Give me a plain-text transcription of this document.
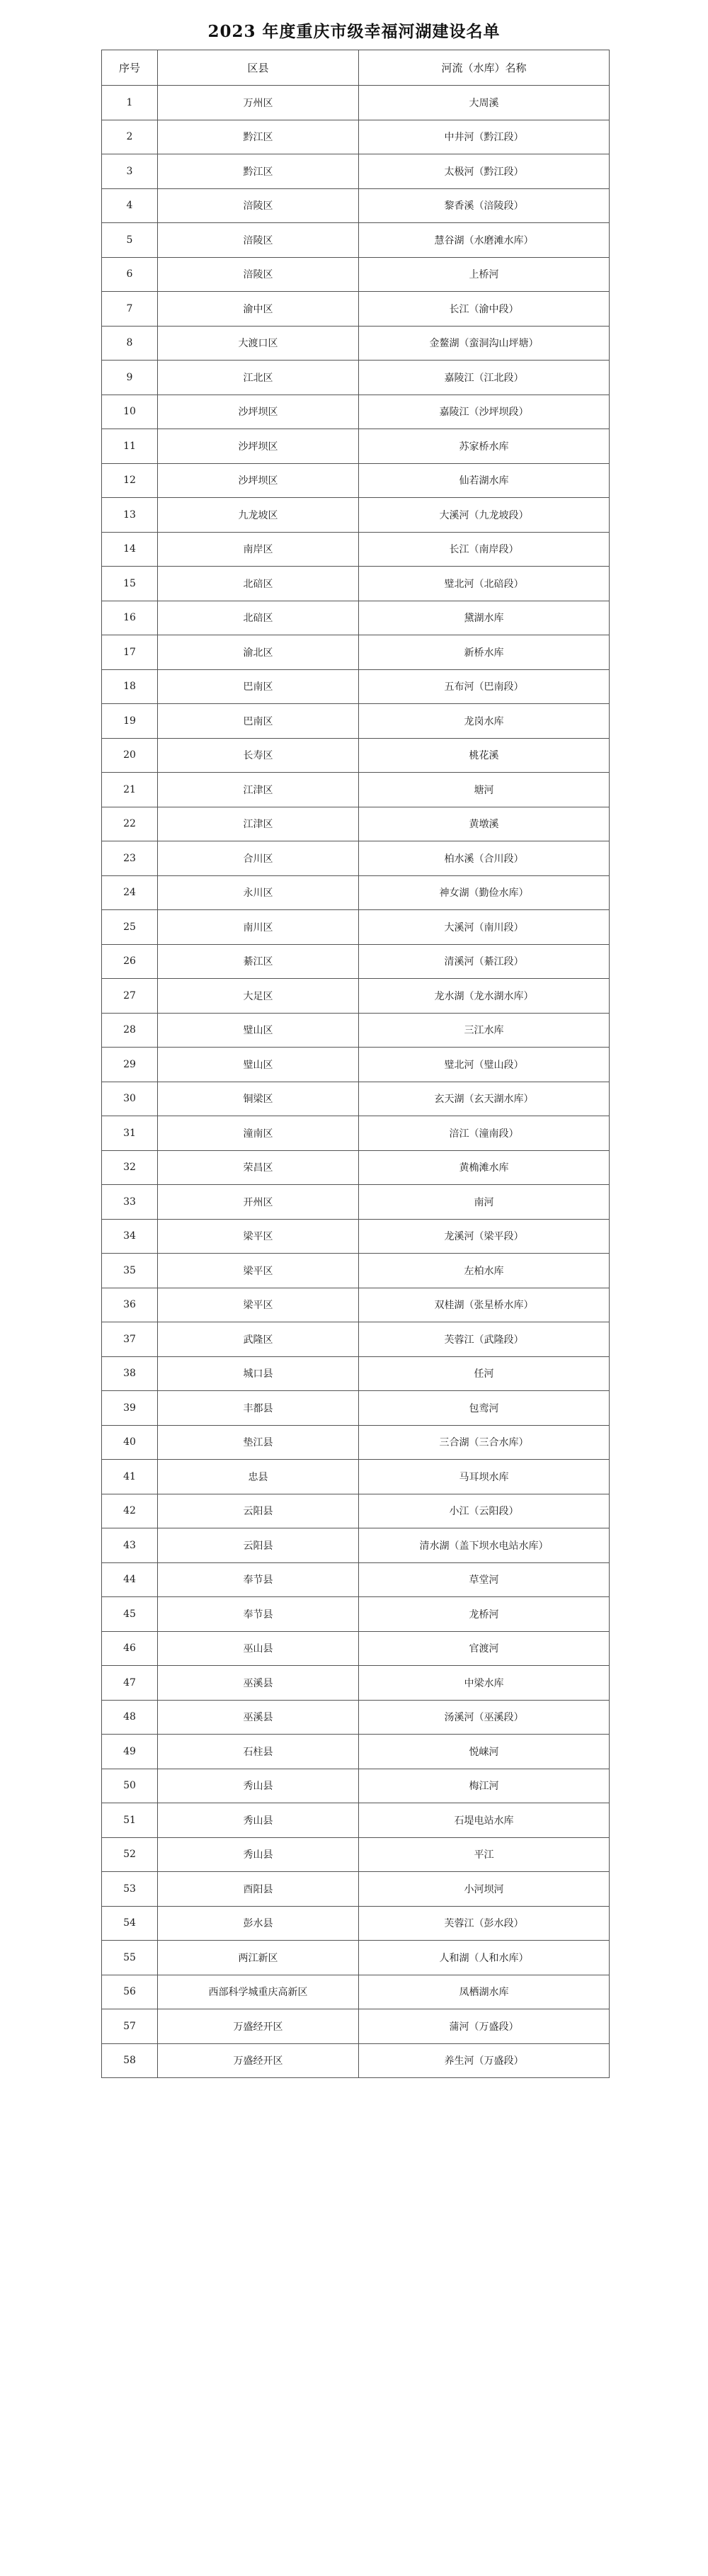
2023 年度重庆市级幸福河湖建设名单
序号	区县	河流（水库）名称
1	万州区	大周溪
2	黔江区	中井河（黔江段）
3	黔江区	太极河（黔江段）
4	涪陵区	黎香溪（涪陵段）
5	涪陵区	慧谷湖（水磨滩水库）
6	涪陵区	上桥河
7	渝中区	长江（渝中段）
8	大渡口区	金鳌湖（蛮洞沟山坪塘）
9	江北区	嘉陵江（江北段）
10	沙坪坝区	嘉陵江（沙坪坝段）
11	沙坪坝区	苏家桥水库
12	沙坪坝区	仙若湖水库
13	九龙坡区	大溪河（九龙坡段）
14	南岸区	长江（南岸段）
15	北碚区	璧北河（北碚段）
16	北碚区	黛湖水库
17	渝北区	新桥水库
18	巴南区	五布河（巴南段）
19	巴南区	龙岗水库
20	长寿区	桃花溪
21	江津区	塘河
22	江津区	黄墩溪
23	合川区	柏水溪（合川段）
24	永川区	神女湖（勤俭水库）
25	南川区	大溪河（南川段）
26	綦江区	清溪河（綦江段）
27	大足区	龙水湖（龙水湖水库）
28	璧山区	三江水库
29	璧山区	璧北河（璧山段）
30	铜梁区	玄天湖（玄天湖水库）
31	潼南区	涪江（潼南段）
32	荣昌区	黄桷滩水库
33	开州区	南河
34	梁平区	龙溪河（梁平段）
35	梁平区	左柏水库
36	梁平区	双桂湖（张星桥水库）
37	武隆区	芙蓉江（武隆段）
38	城口县	任河
39	丰都县	包鸾河
40	垫江县	三合湖（三合水库）
41	忠县	马耳坝水库
42	云阳县	小江（云阳段）
43	云阳县	清水湖（盖下坝水电站水库）
44	奉节县	草堂河
45	奉节县	龙桥河
46	巫山县	官渡河
47	巫溪县	中梁水库
48	巫溪县	汤溪河（巫溪段）
49	石柱县	悦崃河
50	秀山县	梅江河
51	秀山县	石堤电站水库
52	秀山县	平江
53	酉阳县	小河坝河
54	彭水县	芙蓉江（彭水段）
55	两江新区	人和湖（人和水库）
56	西部科学城重庆高新区	凤栖湖水库
57	万盛经开区	蒲河（万盛段）
58	万盛经开区	养生河（万盛段）
